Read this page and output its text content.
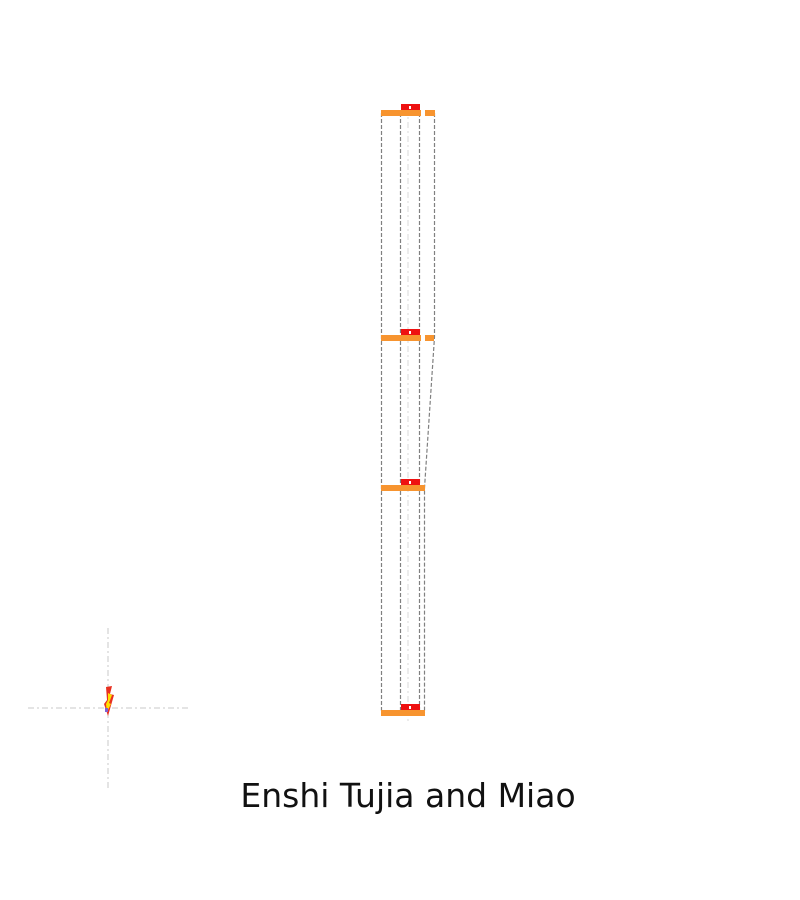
Enshi Tujia and Miao
